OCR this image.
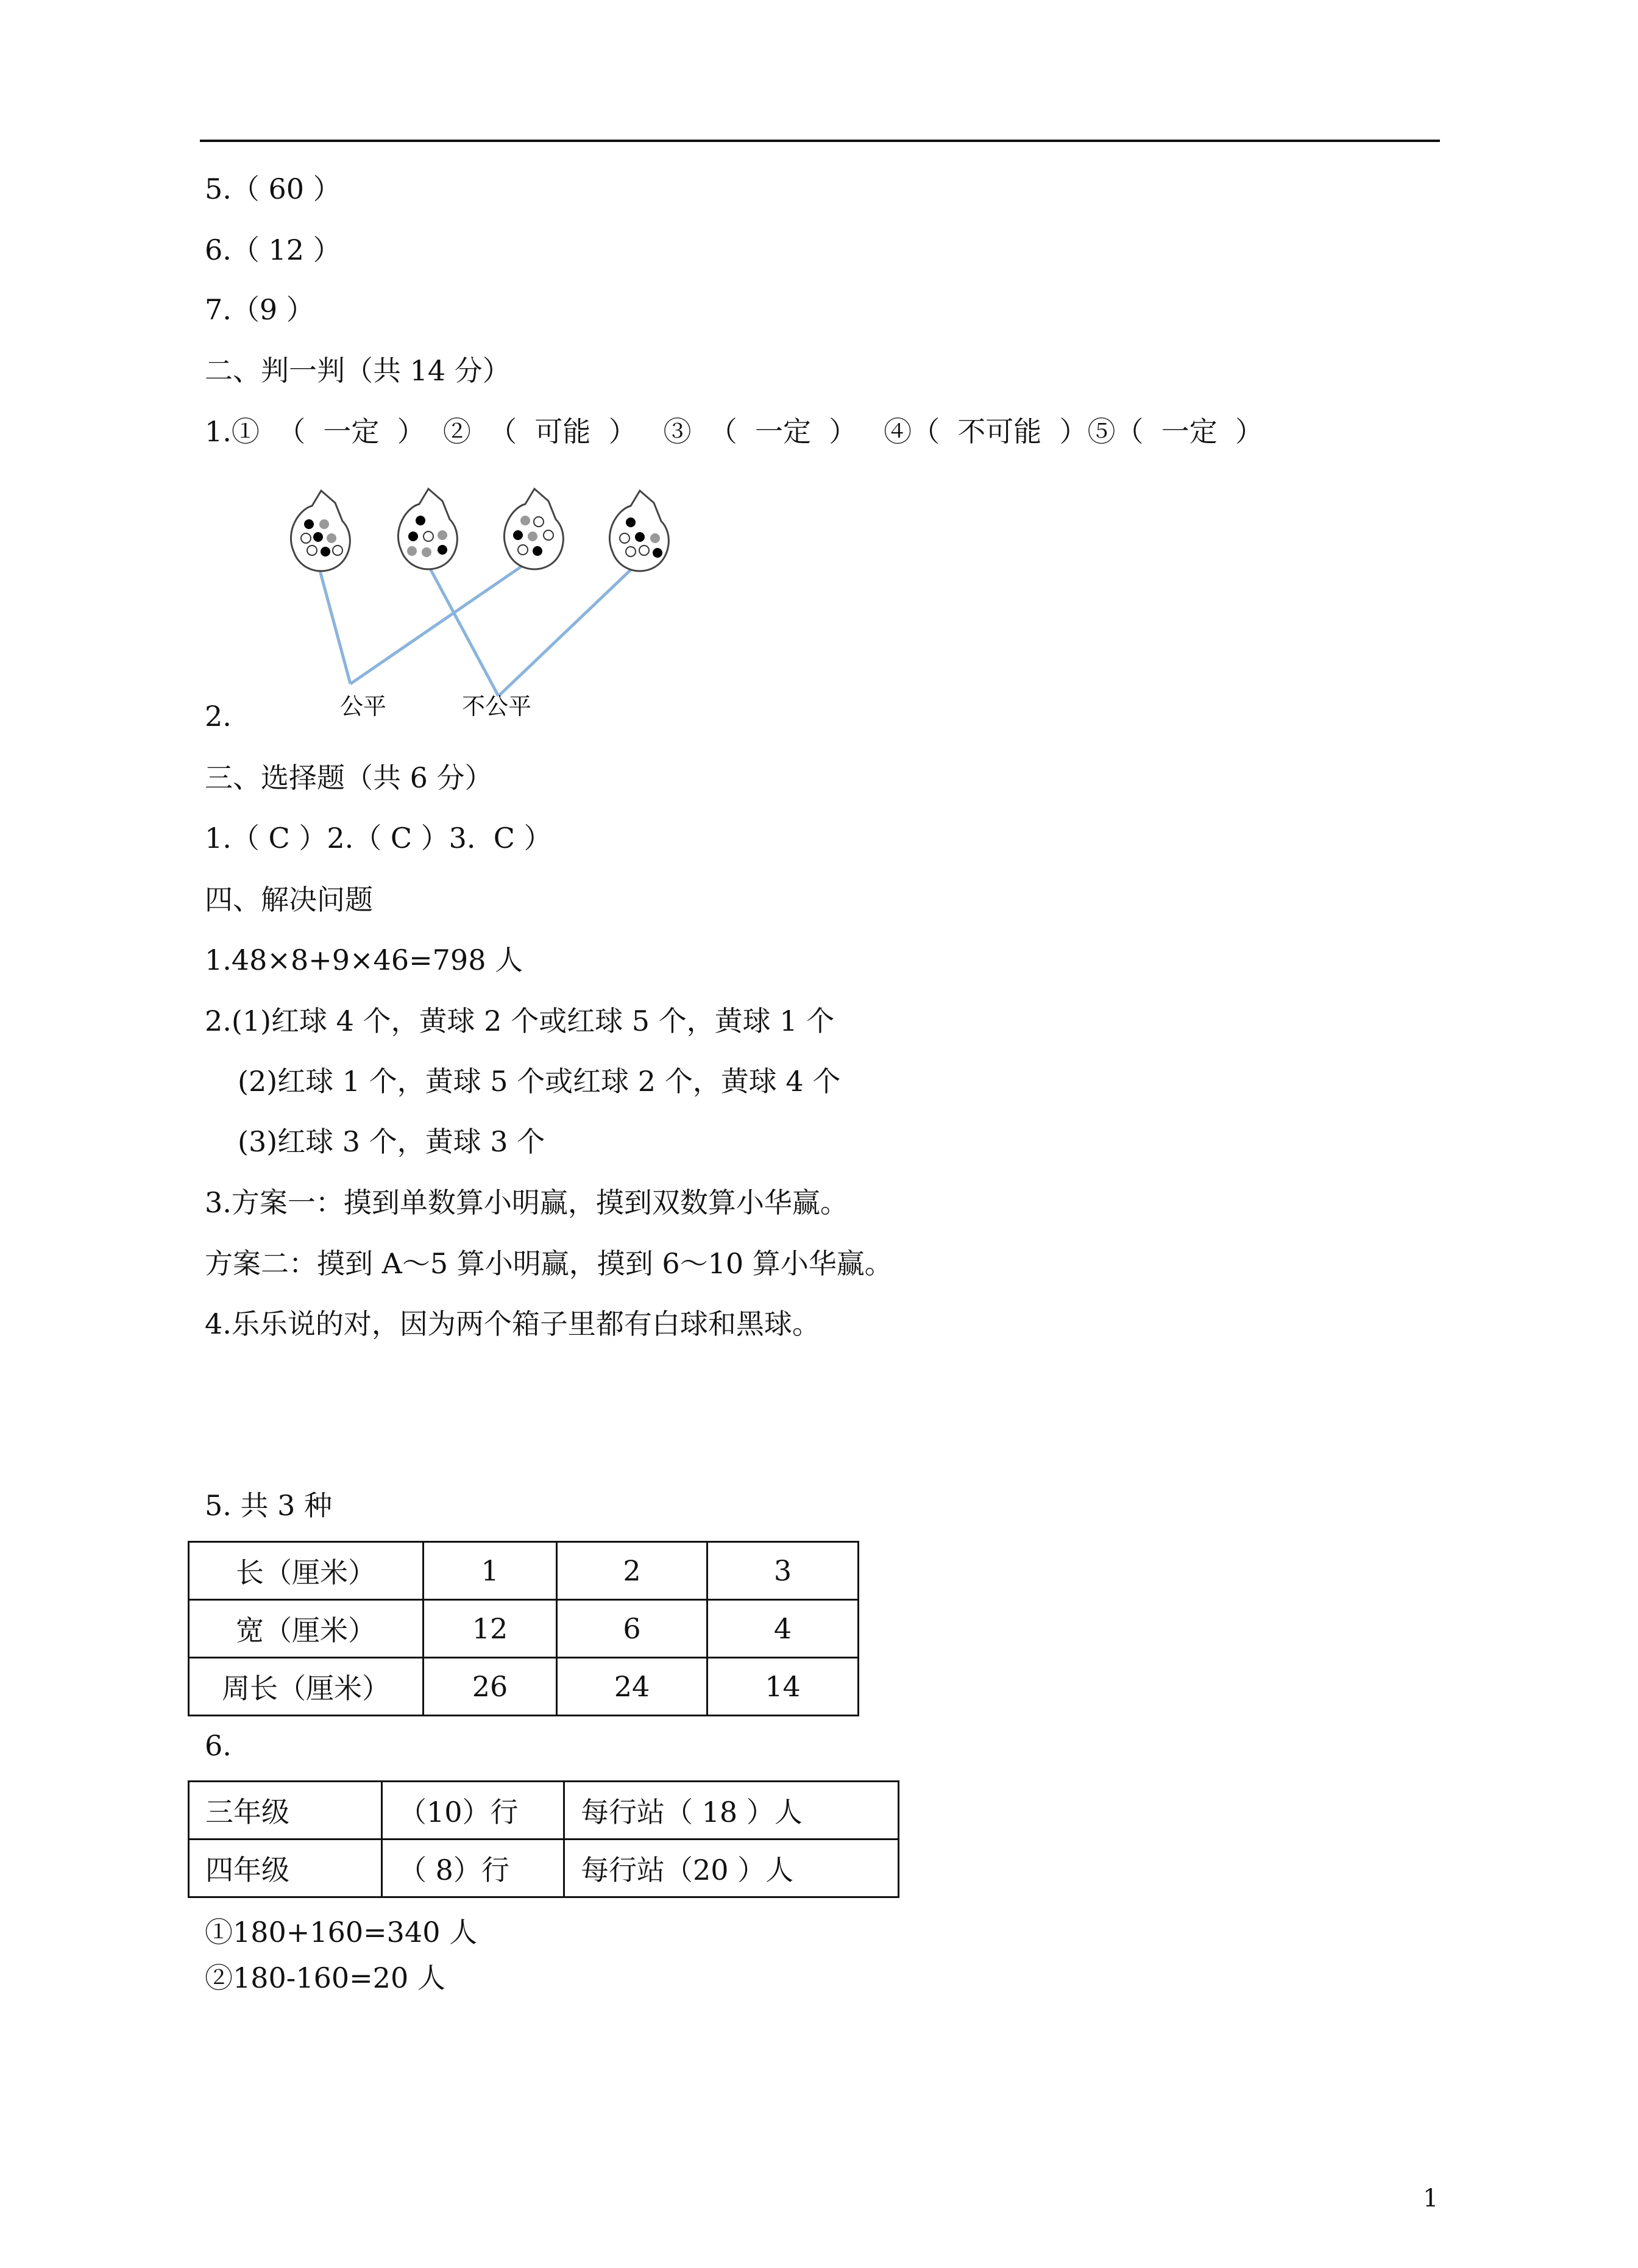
5.（ 60 ）
6.（ 12 ）
7.（9 ）
二、判一判（共 14 分）
1.①  （  一定  ）  ②  （  可能  ）   ③  （  一定  ）   ④（  不可能  ）⑤（  一定  ）
公平	不公平
2.
三、选择题（共 6 分）
1.（ C ）2.（ C ）3.  C ）
四、解决问题
1.48×8+9×46=798 人
2.(1)红球 4 个，黄球 2 个或红球 5 个，黄球 1 个
(2)红球 1 个，黄球 5 个或红球 2 个，黄球 4 个
(3)红球 3 个，黄球 3 个
3.方案一：摸到单数算小明赢，摸到双数算小华赢。
方案二：摸到 A～5 算小明赢，摸到 6～10 算小华赢。
4.乐乐说的对，因为两个箱子里都有白球和黑球。
5. 共 3 种
长（厘米）	1	2	3
宽（厘米）	12	6	4
周长（厘米）	26	24	14
6.
三年级	（10）行	每行站（ 18 ）人
四年级	（ 8）行	每行站（20 ）人
①180+160=340 人
②180-160=20 人
1
